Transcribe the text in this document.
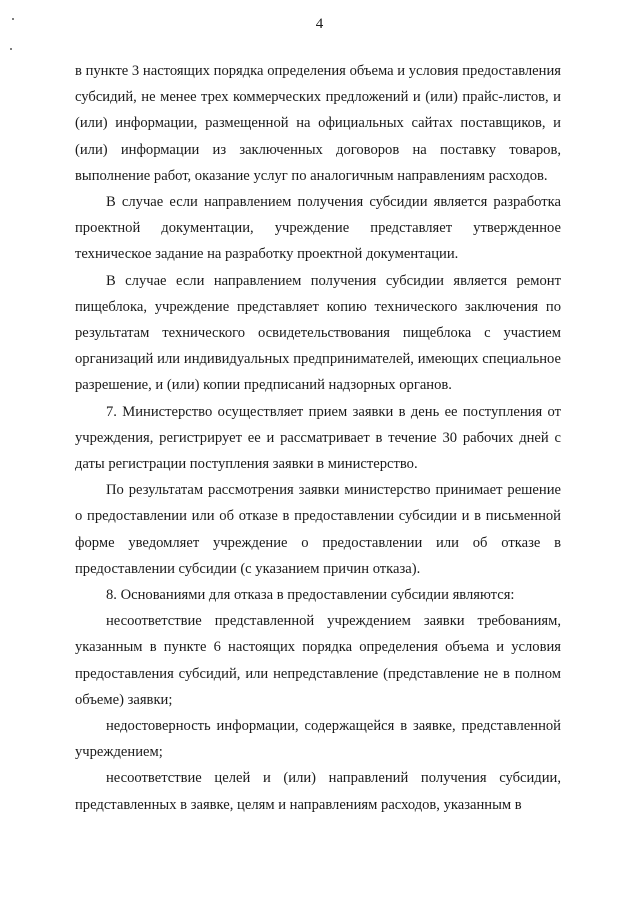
4

в пункте 3 настоящих порядка определения объема и условия предоставления субсидий, не менее трех коммерческих предложений и (или) прайс-листов, и (или) информации, размещенной на официальных сайтах поставщиков, и (или) информации из заключенных договоров на поставку товаров, выполнение работ, оказание услуг по аналогичным направлениям расходов.

В случае если направлением получения субсидии является разработка проектной документации, учреждение представляет утвержденное техническое задание на разработку проектной документации.

В случае если направлением получения субсидии является ремонт пищеблока, учреждение представляет копию технического заключения по результатам технического освидетельствования пищеблока с участием организаций или индивидуальных предпринимателей, имеющих специальное разрешение, и (или) копии предписаний надзорных органов.

7. Министерство осуществляет прием заявки в день ее поступления от учреждения, регистрирует ее и рассматривает в течение 30 рабочих дней с даты регистрации поступления заявки в министерство.

По результатам рассмотрения заявки министерство принимает решение о предоставлении или об отказе в предоставлении субсидии и в письменной форме уведомляет учреждение о предоставлении или об отказе в предоставлении субсидии (с указанием причин отказа).

8. Основаниями для отказа в предоставлении субсидии являются:

несоответствие представленной учреждением заявки требованиям, указанным в пункте 6 настоящих порядка определения объема и условия предоставления субсидий, или непредставление (представление не в полном объеме) заявки;

недостоверность информации, содержащейся в заявке, представленной учреждением;

несоответствие целей и (или) направлений получения субсидии, представленных в заявке, целям и направлениям расходов, указанным в
